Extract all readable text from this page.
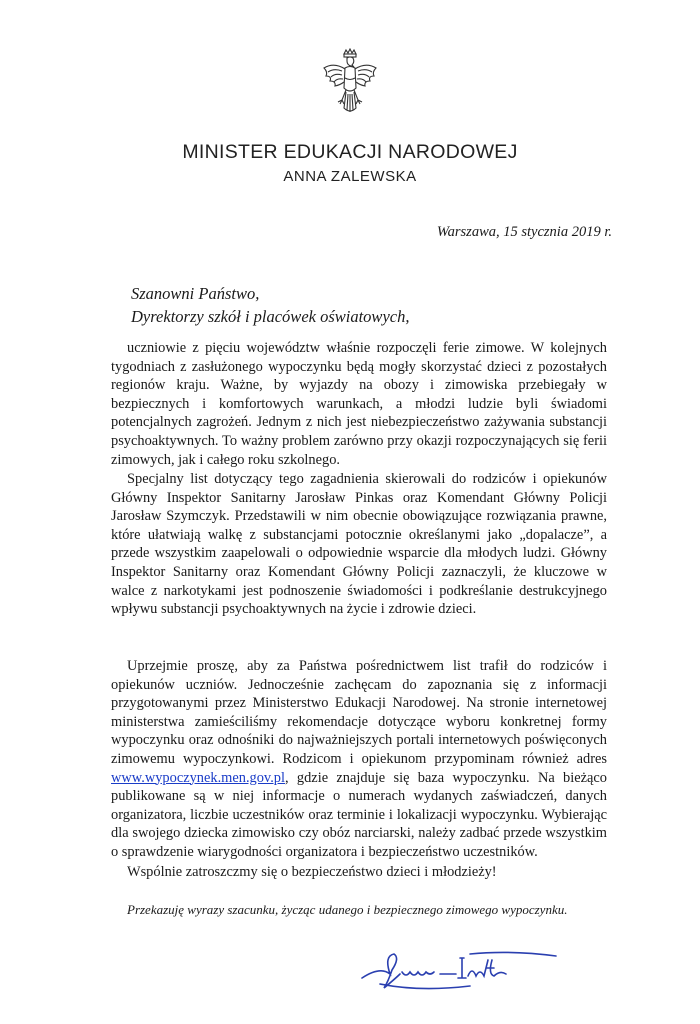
MINISTER EDUKACJI NARODOWEJ
ANNA ZALEWSKA
Warszawa, 15 stycznia 2019 r.
Szanowni Państwo,
Dyrektorzy szkół i placówek oświatowych,

uczniowie z pięciu województw właśnie rozpoczęli ferie zimowe. W kolejnych tygodniach z zasłużonego wypoczynku będą mogły skorzystać dzieci z pozostałych regionów kraju. Ważne, by wyjazdy na obozy i zimowiska przebiegały w bezpiecznych i komfortowych warunkach, a młodzi ludzie byli świadomi potencjalnych zagrożeń. Jednym z nich jest niebezpieczeństwo zażywania substancji psychoaktywnych. To ważny problem zarówno przy okazji rozpoczynających się ferii zimowych, jak i całego roku szkolnego.

Specjalny list dotyczący tego zagadnienia skierowali do rodziców i opiekunów Główny Inspektor Sanitarny Jarosław Pinkas oraz Komendant Główny Policji Jarosław Szymczyk. Przedstawili w nim obecnie obowiązujące rozwiązania prawne, które ułatwiają walkę z substancjami potocznie określanymi jako „dopalacze”, a przede wszystkim zaapelowali o odpowiednie wsparcie dla młodych ludzi. Główny Inspektor Sanitarny oraz Komendant Główny Policji zaznaczyli, że kluczowe w walce z narkotykami jest podnoszenie świadomości i podkreślanie destrukcyjnego wpływu substancji psychoaktywnych na życie i zdrowie dzieci.

Uprzejmie proszę, aby za Państwa pośrednictwem list trafił do rodziców i opiekunów uczniów. Jednocześnie zachęcam do zapoznania się z informacji przygotowanymi przez Ministerstwo Edukacji Narodowej. Na stronie internetowej ministerstwa zamieściliśmy rekomendacje dotyczące wyboru konkretnej formy wypoczynku oraz odnośniki do najważniejszych portali internetowych poświęconych zimowemu wypoczynkowi. Rodzicom i opiekunom przypominam również adres www.wypoczynek.men.gov.pl, gdzie znajduje się baza wypoczynku. Na bieżąco publikowane są w niej informacje o numerach wydanych zaświadczeń, danych organizatora, liczbie uczestników oraz terminie i lokalizacji wypoczynku. Wybierając dla swojego dziecka zimowisko czy obóz narciarski, należy zadbać przede wszystkim o sprawdzenie wiarygodności organizatora i bezpieczeństwo uczestników.

Wspólnie zatroszczmy się o bezpieczeństwo dzieci i młodzieży!
Przekazuję wyrazy szacunku, życząc udanego i bezpiecznego zimowego wypoczynku.
